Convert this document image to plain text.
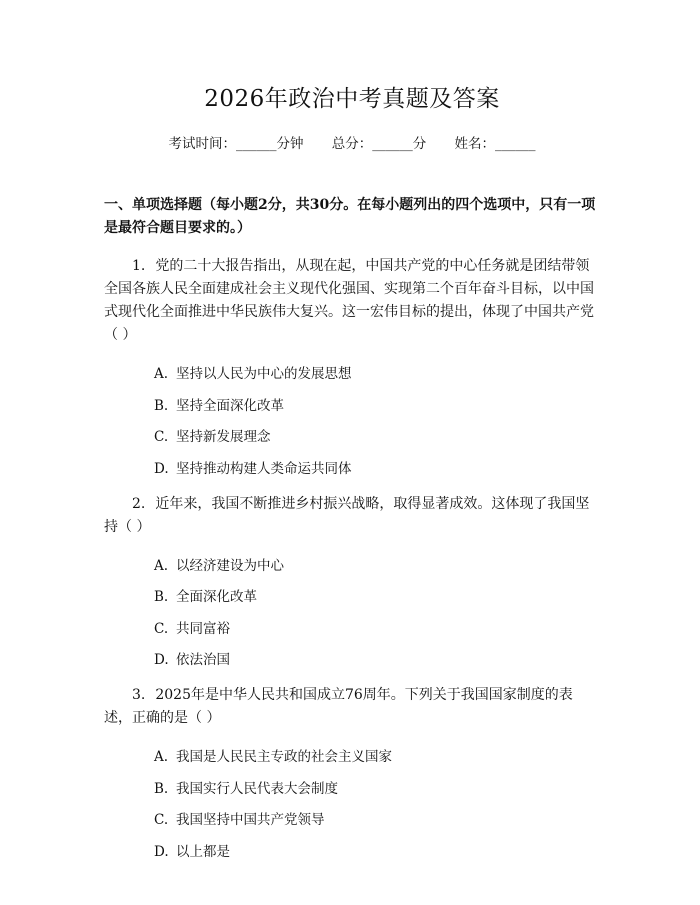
2026年政治中考真题及答案
考试时间：______分钟 总分：______分 姓名：______
一、单项选择题（每小题2分，共30分。在每小题列出的四个选项中，只有一项是最符合题目要求的。）
1. 党的二十大报告指出，从现在起，中国共产党的中心任务就是团结带领全国各族人民全面建成社会主义现代化强国、实现第二个百年奋斗目标，以中国式现代化全面推进中华民族伟大复兴。这一宏伟目标的提出，体现了中国共产党（ ）
A. 坚持以人民为中心的发展思想
B. 坚持全面深化改革
C. 坚持新发展理念
D. 坚持推动构建人类命运共同体
2. 近年来，我国不断推进乡村振兴战略，取得显著成效。这体现了我国坚持（ ）
A. 以经济建设为中心
B. 全面深化改革
C. 共同富裕
D. 依法治国
3. 2025年是中华人民共和国成立76周年。下列关于我国国家制度的表述，正确的是（ ）
A. 我国是人民民主专政的社会主义国家
B. 我国实行人民代表大会制度
C. 我国坚持中国共产党领导
D. 以上都是
